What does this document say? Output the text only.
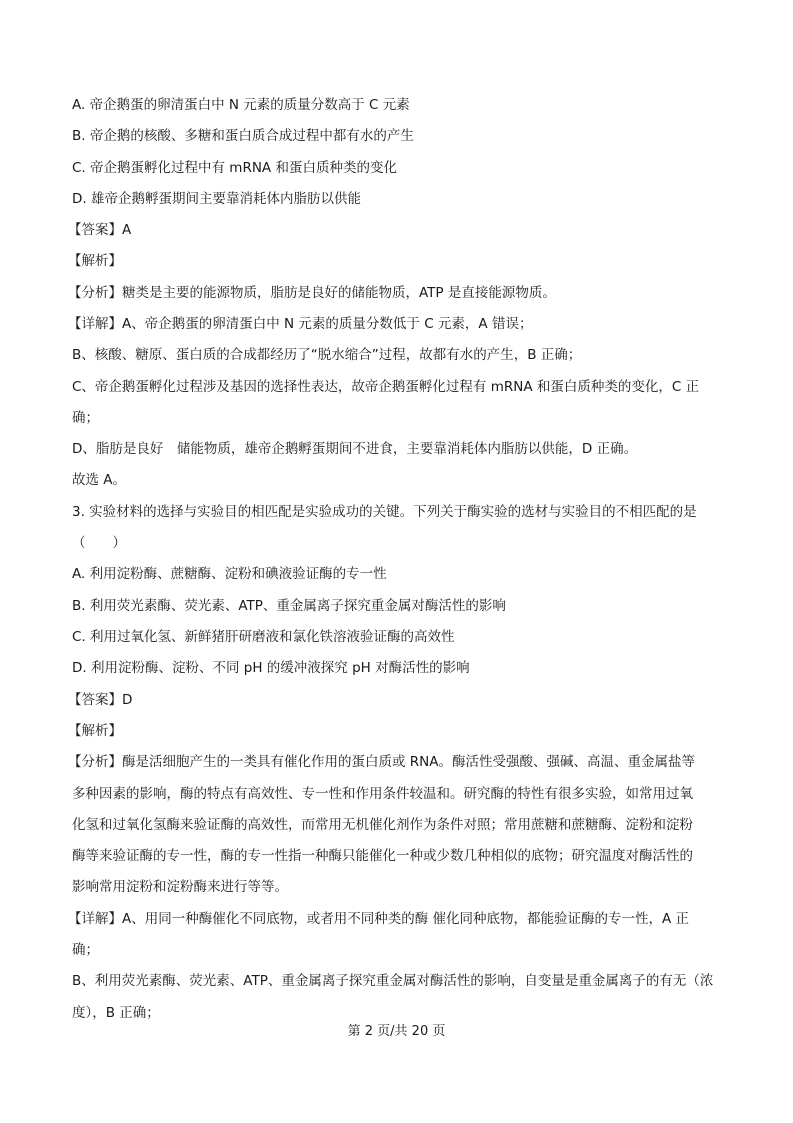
A. 帝企鹅蛋的卵清蛋白中 N 元素的质量分数高于 C 元素
B. 帝企鹅的核酸、多糖和蛋白质合成过程中都有水的产生
C. 帝企鹅蛋孵化过程中有 mRNA 和蛋白质种类的变化
D. 雄帝企鹅孵蛋期间主要靠消耗体内脂肪以供能
【答案】A
【解析】
【分析】糖类是主要的能源物质，脂肪是良好的储能物质，ATP 是直接能源物质。
【详解】A、帝企鹅蛋的卵清蛋白中 N 元素的质量分数低于 C 元素，A 错误；
B、核酸、糖原、蛋白质的合成都经历了“脱水缩合”过程，故都有水的产生，B 正确；
C、帝企鹅蛋孵化过程涉及基因的选择性表达，故帝企鹅蛋孵化过程有 mRNA 和蛋白质种类的变化，C 正
确；
D、脂肪是良好　储能物质，雄帝企鹅孵蛋期间不进食，主要靠消耗体内脂肪以供能，D 正确。
故选 A。
3. 实验材料的选择与实验目的相匹配是实验成功的关键。下列关于酶实验的选材与实验目的不相匹配的是
（　　）
A. 利用淀粉酶、蔗糖酶、淀粉和碘液验证酶的专一性
B. 利用荧光素酶、荧光素、ATP、重金属离子探究重金属对酶活性的影响
C. 利用过氧化氢、新鲜猪肝研磨液和氯化铁溶液验证酶的高效性
D. 利用淀粉酶、淀粉、不同 pH 的缓冲液探究 pH 对酶活性的影响
【答案】D
【解析】
【分析】酶是活细胞产生的一类具有催化作用的蛋白质或 RNA。酶活性受强酸、强碱、高温、重金属盐等
多种因素的影响，酶的特点有高效性、专一性和作用条件较温和。研究酶的特性有很多实验，如常用过氧
化氢和过氧化氢酶来验证酶的高效性，而常用无机催化剂作为条件对照；常用蔗糖和蔗糖酶、淀粉和淀粉
酶等来验证酶的专一性，酶的专一性指一种酶只能催化一种或少数几种相似的底物；研究温度对酶活性的
影响常用淀粉和淀粉酶来进行等等。
【详解】A、用同一种酶催化不同底物，或者用不同种类的酶 催化同种底物，都能验证酶的专一性，A 正
确；
B、利用荧光素酶、荧光素、ATP、重金属离子探究重金属对酶活性的影响，自变量是重金属离子的有无（浓
度），B 正确；
第 2 页/共 20 页
